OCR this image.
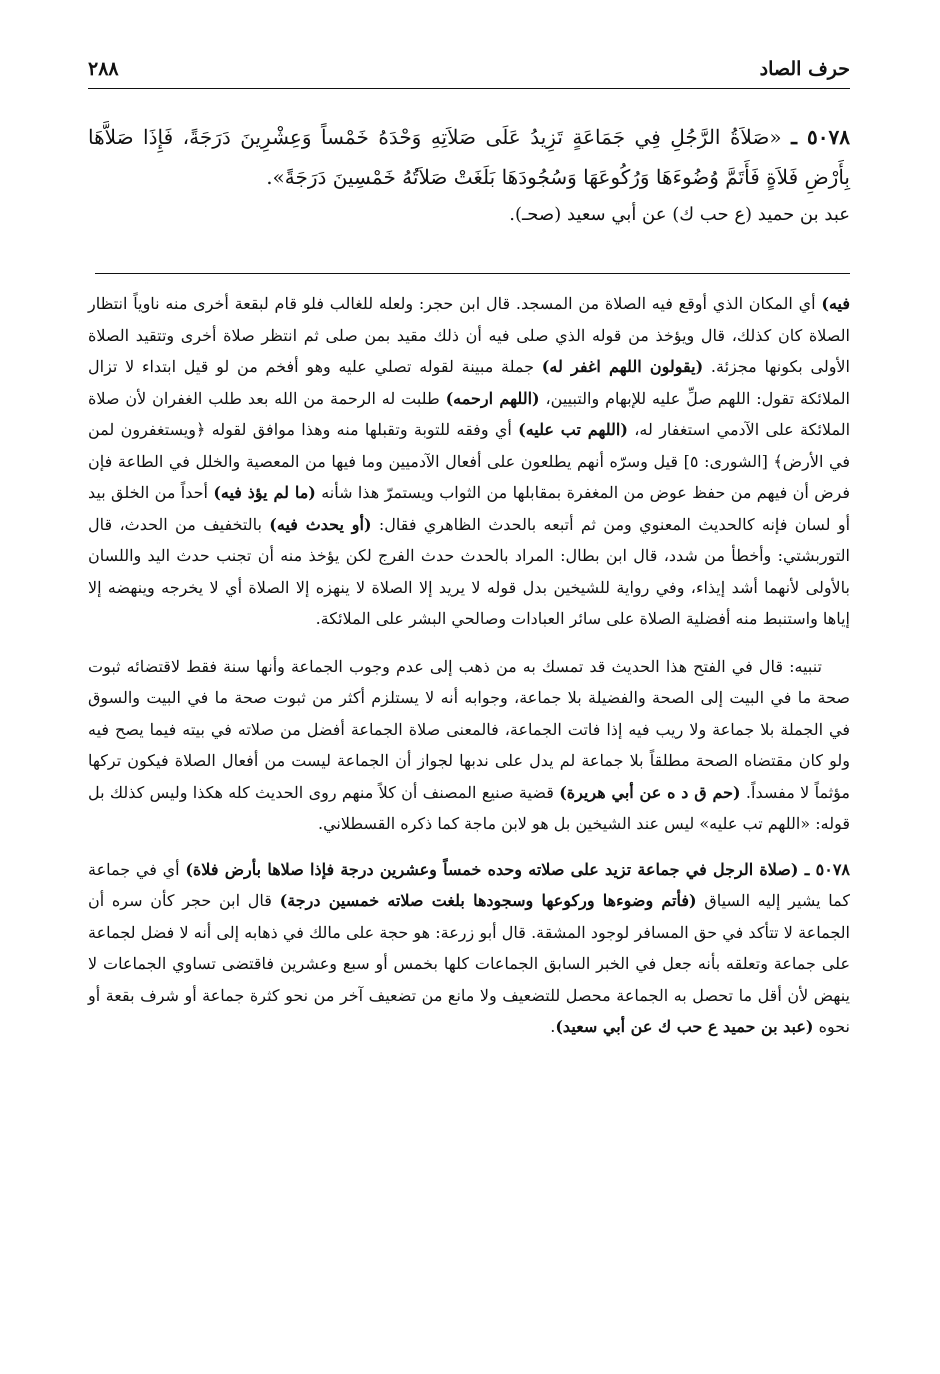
حرف الصاد
٢٨٨
٥٠٧٨ ـ «صَلاَةُ الرَّجُلِ فِي جَمَاعَةٍ تَزِيدُ عَلَى صَلاَتِهِ وَحْدَهُ خَمْساً وَعِشْرِينَ دَرَجَةً، فَإِذَا صَلاَّهَا بِأَرْضِ فَلاَةٍ فَأَتَمَّ وُضُوءَهَا وَرُكُوعَهَا وَسُجُودَهَا بَلَغَتْ صَلاَتُهُ خَمْسِينَ دَرَجَةً».
عبد بن حميد (ع حب ك) عن أبي سعيد (صحـ).

فيه) أي المكان الذي أوقع فيه الصلاة من المسجد. قال ابن حجر: ولعله للغالب فلو قام لبقعة أخرى منه ناوياً انتظار الصلاة كان كذلك، قال ويؤخذ من قوله الذي صلى فيه أن ذلك مقيد بمن صلى ثم انتظر صلاة أخرى وتتقيد الصلاة الأولى بكونها مجزئة. (يقولون اللهم اغفر له) جملة مبينة لقوله تصلي عليه وهو أفخم من لو قيل ابتداء لا تزال الملائكة تقول: اللهم صلِّ عليه للإبهام والتبيين، (اللهم ارحمه) طلبت له الرحمة من الله بعد طلب الغفران لأن صلاة الملائكة على الآدمي استغفار له، (اللهم تب عليه) أي وفقه للتوبة وتقبلها منه وهذا موافق لقوله ﴿ويستغفرون لمن في الأرض﴾ [الشورى: ٥] قيل وسرّه أنهم يطلعون على أفعال الآدميين وما فيها من المعصية والخلل في الطاعة فإن فرض أن فيهم من حفظ عوض من المغفرة بمقابلها من الثواب ويستمرّ هذا شأنه (ما لم يؤذ فيه) أحداً من الخلق بيد أو لسان فإنه كالحديث المعنوي ومن ثم أتبعه بالحدث الظاهري فقال: (أو يحدث فيه) بالتخفيف من الحدث، قال التوربشتي: وأخطأ من شدد، قال ابن بطال: المراد بالحدث حدث الفرج لكن يؤخذ منه أن تجنب حدث اليد واللسان بالأولى لأنهما أشد إيذاء، وفي رواية للشيخين بدل قوله لا يريد إلا الصلاة لا ينهزه إلا الصلاة أي لا يخرجه وينهضه إلا إياها واستنبط منه أفضلية الصلاة على سائر العبادات وصالحي البشر على الملائكة.

تنبيه: قال في الفتح هذا الحديث قد تمسك به من ذهب إلى عدم وجوب الجماعة وأنها سنة فقط لاقتضائه ثبوت صحة ما في البيت إلى الصحة والفضيلة بلا جماعة، وجوابه أنه لا يستلزم أكثر من ثبوت صحة ما في البيت والسوق في الجملة بلا جماعة ولا ريب فيه إذا فاتت الجماعة، فالمعنى صلاة الجماعة أفضل من صلاته في بيته فيما يصح فيه ولو كان مقتضاه الصحة مطلقاً بلا جماعة لم يدل على ندبها لجواز أن الجماعة ليست من أفعال الصلاة فيكون تركها مؤثماً لا مفسداً. (حم ق د ه عن أبي هريرة) قضية صنيع المصنف أن كلاً منهم روى الحديث كله هكذا وليس كذلك بل قوله: «اللهم تب عليه» ليس عند الشيخين بل هو لابن ماجة كما ذكره القسطلاني.

٥٠٧٨ ـ (صلاة الرجل في جماعة تزيد على صلاته وحده خمساً وعشرين درجة فإذا صلاها بأرض فلاة) أي في جماعة كما يشير إليه السياق (فأتم وضوءها وركوعها وسجودها بلغت صلاته خمسين درجة) قال ابن حجر كأن سره أن الجماعة لا تتأكد في حق المسافر لوجود المشقة. قال أبو زرعة: هو حجة على مالك في ذهابه إلى أنه لا فضل لجماعة على جماعة وتعلقه بأنه جعل في الخبر السابق الجماعات كلها بخمس أو سبع وعشرين فاقتضى تساوي الجماعات لا ينهض لأن أقل ما تحصل به الجماعة محصل للتضعيف ولا مانع من تضعيف آخر من نحو كثرة جماعة أو شرف بقعة أو نحوه (عبد بن حميد ع حب ك عن أبي سعيد).
